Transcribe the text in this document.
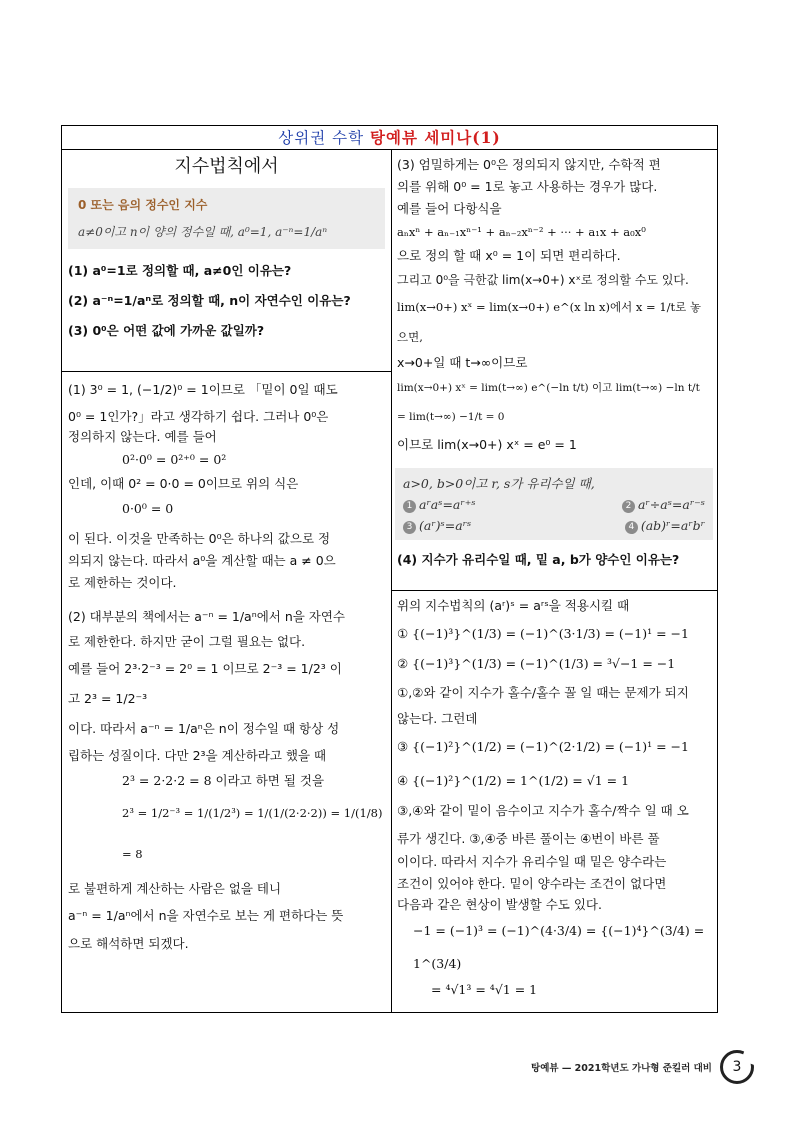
상위권 수학 탕예뷰 세미나(1)
지수법칙에서
0 또는 음의 정수인 지수
a≠0이고 n이 양의 정수일 때, a⁰=1, a⁻ⁿ=1/aⁿ
(1) a⁰=1로 정의할 때, a≠0인 이유는?
(2) a⁻ⁿ=1/aⁿ로 정의할 때, n이 자연수인 이유는?
(3) 0⁰은 어떤 값에 가까운 값일까?

(1) 3⁰ = 1, (−1/2)⁰ = 1이므로 「밑이 0일 때도

0⁰ = 1인가?」라고 생각하기 쉽다. 그러나 0⁰은

정의하지 않는다. 예를 들어

0²·0⁰ = 0²⁺⁰ = 0²

인데, 이때 0² = 0·0 = 0이므로 위의 식은

0·0⁰ = 0

이 된다. 이것을 만족하는 0⁰은 하나의 값으로 정

의되지 않는다. 따라서 a⁰을 계산할 때는 a ≠ 0으

로 제한하는 것이다.

(2) 대부분의 책에서는 a⁻ⁿ = 1/aⁿ에서 n을 자연수

로 제한한다. 하지만 굳이 그럴 필요는 없다.

예를 들어 2³·2⁻³ = 2⁰ = 1 이므로 2⁻³ = 1/2³ 이

고 2³ = 1/2⁻³

이다. 따라서 a⁻ⁿ = 1/aⁿ은 n이 정수일 때 항상 성

립하는 성질이다. 다만 2³을 계산하라고 했을 때

2³ = 2·2·2 = 8 이라고 하면 될 것을

2³ = 1/2⁻³ = 1/(1/2³) = 1/(1/(2·2·2)) = 1/(1/8) = 8

로 불편하게 계산하는 사람은 없을 테니

a⁻ⁿ = 1/aⁿ에서 n을 자연수로 보는 게 편하다는 뜻

으로 해석하면 되겠다.

(3) 엄밀하게는 0⁰은 정의되지 않지만, 수학적 편

의를 위해 0⁰ = 1로 놓고 사용하는 경우가 많다.

예를 들어 다항식을

aₙxⁿ + aₙ₋₁xⁿ⁻¹ + aₙ₋₂xⁿ⁻² + ··· + a₁x + a₀x⁰

으로 정의 할 때 x⁰ = 1이 되면 편리하다.

그리고 0⁰을 극한값 lim(x→0+) xˣ로 정의할 수도 있다.

lim(x→0+) xˣ = lim(x→0+) e^(x ln x)에서 x = 1/t로 놓으면,

x→0+일 때 t→∞이므로

lim(x→0+) xˣ = lim(t→∞) e^(−ln t/t) 이고 lim(t→∞) −ln t/t = lim(t→∞) −1/t = 0

이므로 lim(x→0+) xˣ = e⁰ = 1

a>0, b>0이고 r, s가 유리수일 때,
1 aʳaˢ=aʳ⁺ˢ	2 aʳ÷aˢ=aʳ⁻ˢ
3 (aʳ)ˢ=aʳˢ	4 (ab)ʳ=aʳbʳ
(4) 지수가 유리수일 때, 밑 a, b가 양수인 이유는?

위의 지수법칙의 (aʳ)ˢ = aʳˢ을 적용시킬 때

① {(−1)³}^(1/3) = (−1)^(3·1/3) = (−1)¹ = −1

② {(−1)³}^(1/3) = (−1)^(1/3) = ³√−1 = −1

①,②와 같이 지수가 홀수/홀수 꼴 일 때는 문제가 되지

않는다. 그런데

③ {(−1)²}^(1/2) = (−1)^(2·1/2) = (−1)¹ = −1

④ {(−1)²}^(1/2) = 1^(1/2) = √1 = 1

③,④와 같이 밑이 음수이고 지수가 홀수/짝수 일 때 오

류가 생긴다. ③,④중 바른 풀이는 ④번이 바른 풀

이이다. 따라서 지수가 유리수일 때 밑은 양수라는

조건이 있어야 한다. 밑이 양수라는 조건이 없다면

다음과 같은 현상이 발생할 수도 있다.

−1 = (−1)³ = (−1)^(4·3/4) = {(−1)⁴}^(3/4) = 1^(3/4)

= ⁴√1³ = ⁴√1 = 1

탕예뷰 — 2021학년도 가나형 준킬러 대비 3
